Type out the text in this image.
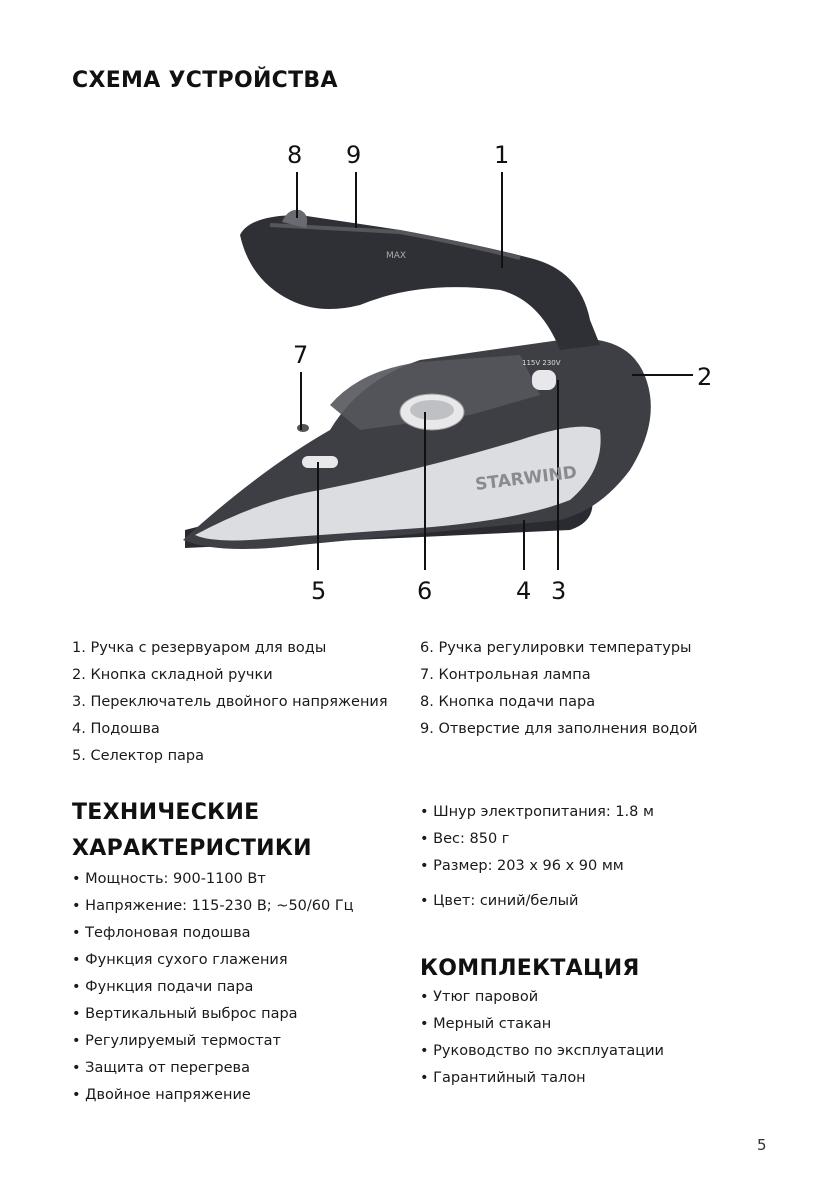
СХЕМА УСТРОЙСТВА
STARWIND
MAX
115V 230V
8 9	1
7
2
5	6	4 3
1. Ручка с резервуаром для воды
2. Кнопка складной ручки
3. Переключатель двойного напряжения
4. Подошва
5. Селектор пара
6. Ручка регулировки температуры
7. Контрольная лампа
8. Кнопка подачи пара
9. Отверстие для заполнения водой
ТЕХНИЧЕСКИЕ
ХАРАКТЕРИСТИКИ
• Мощность: 900-1100 Вт
• Напряжение: 115-230 В; ~50/60 Гц
• Тефлоновая подошва
• Функция сухого глажения
• Функция подачи пара
• Вертикальный выброс пара
• Регулируемый термостат
• Защита от перегрева
• Двойное напряжение
• Шнур электропитания: 1.8 м
• Вес: 850 г
• Размер: 203 х 96 х 90 мм
• Цвет: синий/белый
КОМПЛЕКТАЦИЯ
• Утюг паровой
• Мерный стакан
• Руководство по эксплуатации
• Гарантийный талон
5
